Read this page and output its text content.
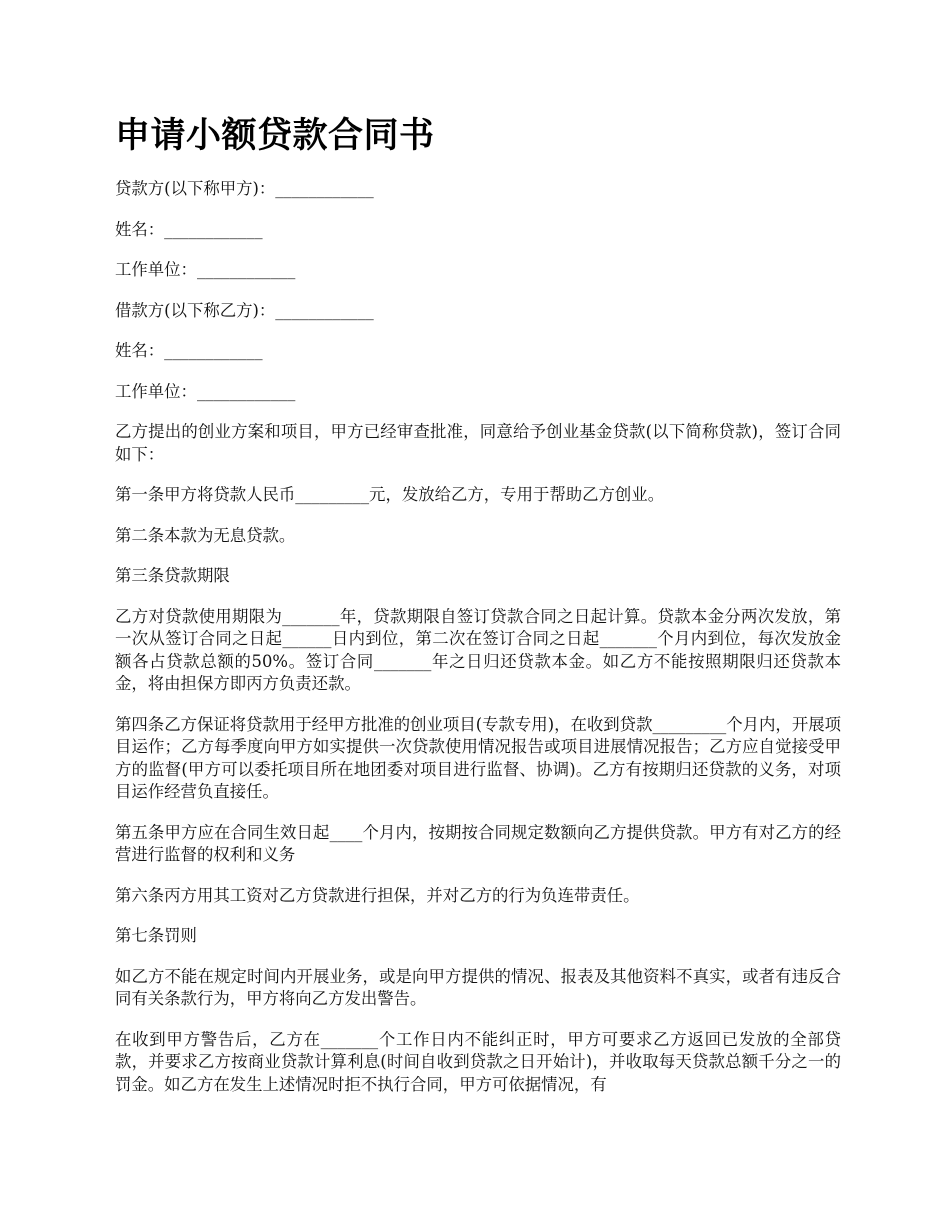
申请小额贷款合同书

贷款方(以下称甲方)：____________

姓名：____________

工作单位：____________

借款方(以下称乙方)：____________

姓名：____________

工作单位：____________

乙方提出的创业方案和项目，甲方已经审查批准，同意给予创业基金贷款(以下简称贷款)，签订合同如下：

第一条甲方将贷款人民币_________元，发放给乙方，专用于帮助乙方创业。

第二条本款为无息贷款。

第三条贷款期限

乙方对贷款使用期限为_______年，贷款期限自签订贷款合同之日起计算。贷款本金分两次发放，第一次从签订合同之日起______日内到位，第二次在签订合同之日起_______个月内到位，每次发放金额各占贷款总额的50%。签订合同_______年之日归还贷款本金。如乙方不能按照期限归还贷款本金，将由担保方即丙方负责还款。

第四条乙方保证将贷款用于经甲方批准的创业项目(专款专用)，在收到贷款_________个月内，开展项目运作；乙方每季度向甲方如实提供一次贷款使用情况报告或项目进展情况报告；乙方应自觉接受甲方的监督(甲方可以委托项目所在地团委对项目进行监督、协调)。乙方有按期归还贷款的义务，对项目运作经营负直接任。

第五条甲方应在合同生效日起____个月内，按期按合同规定数额向乙方提供贷款。甲方有对乙方的经营进行监督的权利和义务

第六条丙方用其工资对乙方贷款进行担保，并对乙方的行为负连带责任。

第七条罚则

如乙方不能在规定时间内开展业务，或是向甲方提供的情况、报表及其他资料不真实，或者有违反合同有关条款行为，甲方将向乙方发出警告。

在收到甲方警告后，乙方在_______个工作日内不能纠正时，甲方可要求乙方返回已发放的全部贷款，并要求乙方按商业贷款计算利息(时间自收到贷款之日开始计)，并收取每天贷款总额千分之一的罚金。如乙方在发生上述情况时拒不执行合同，甲方可依据情况，有
